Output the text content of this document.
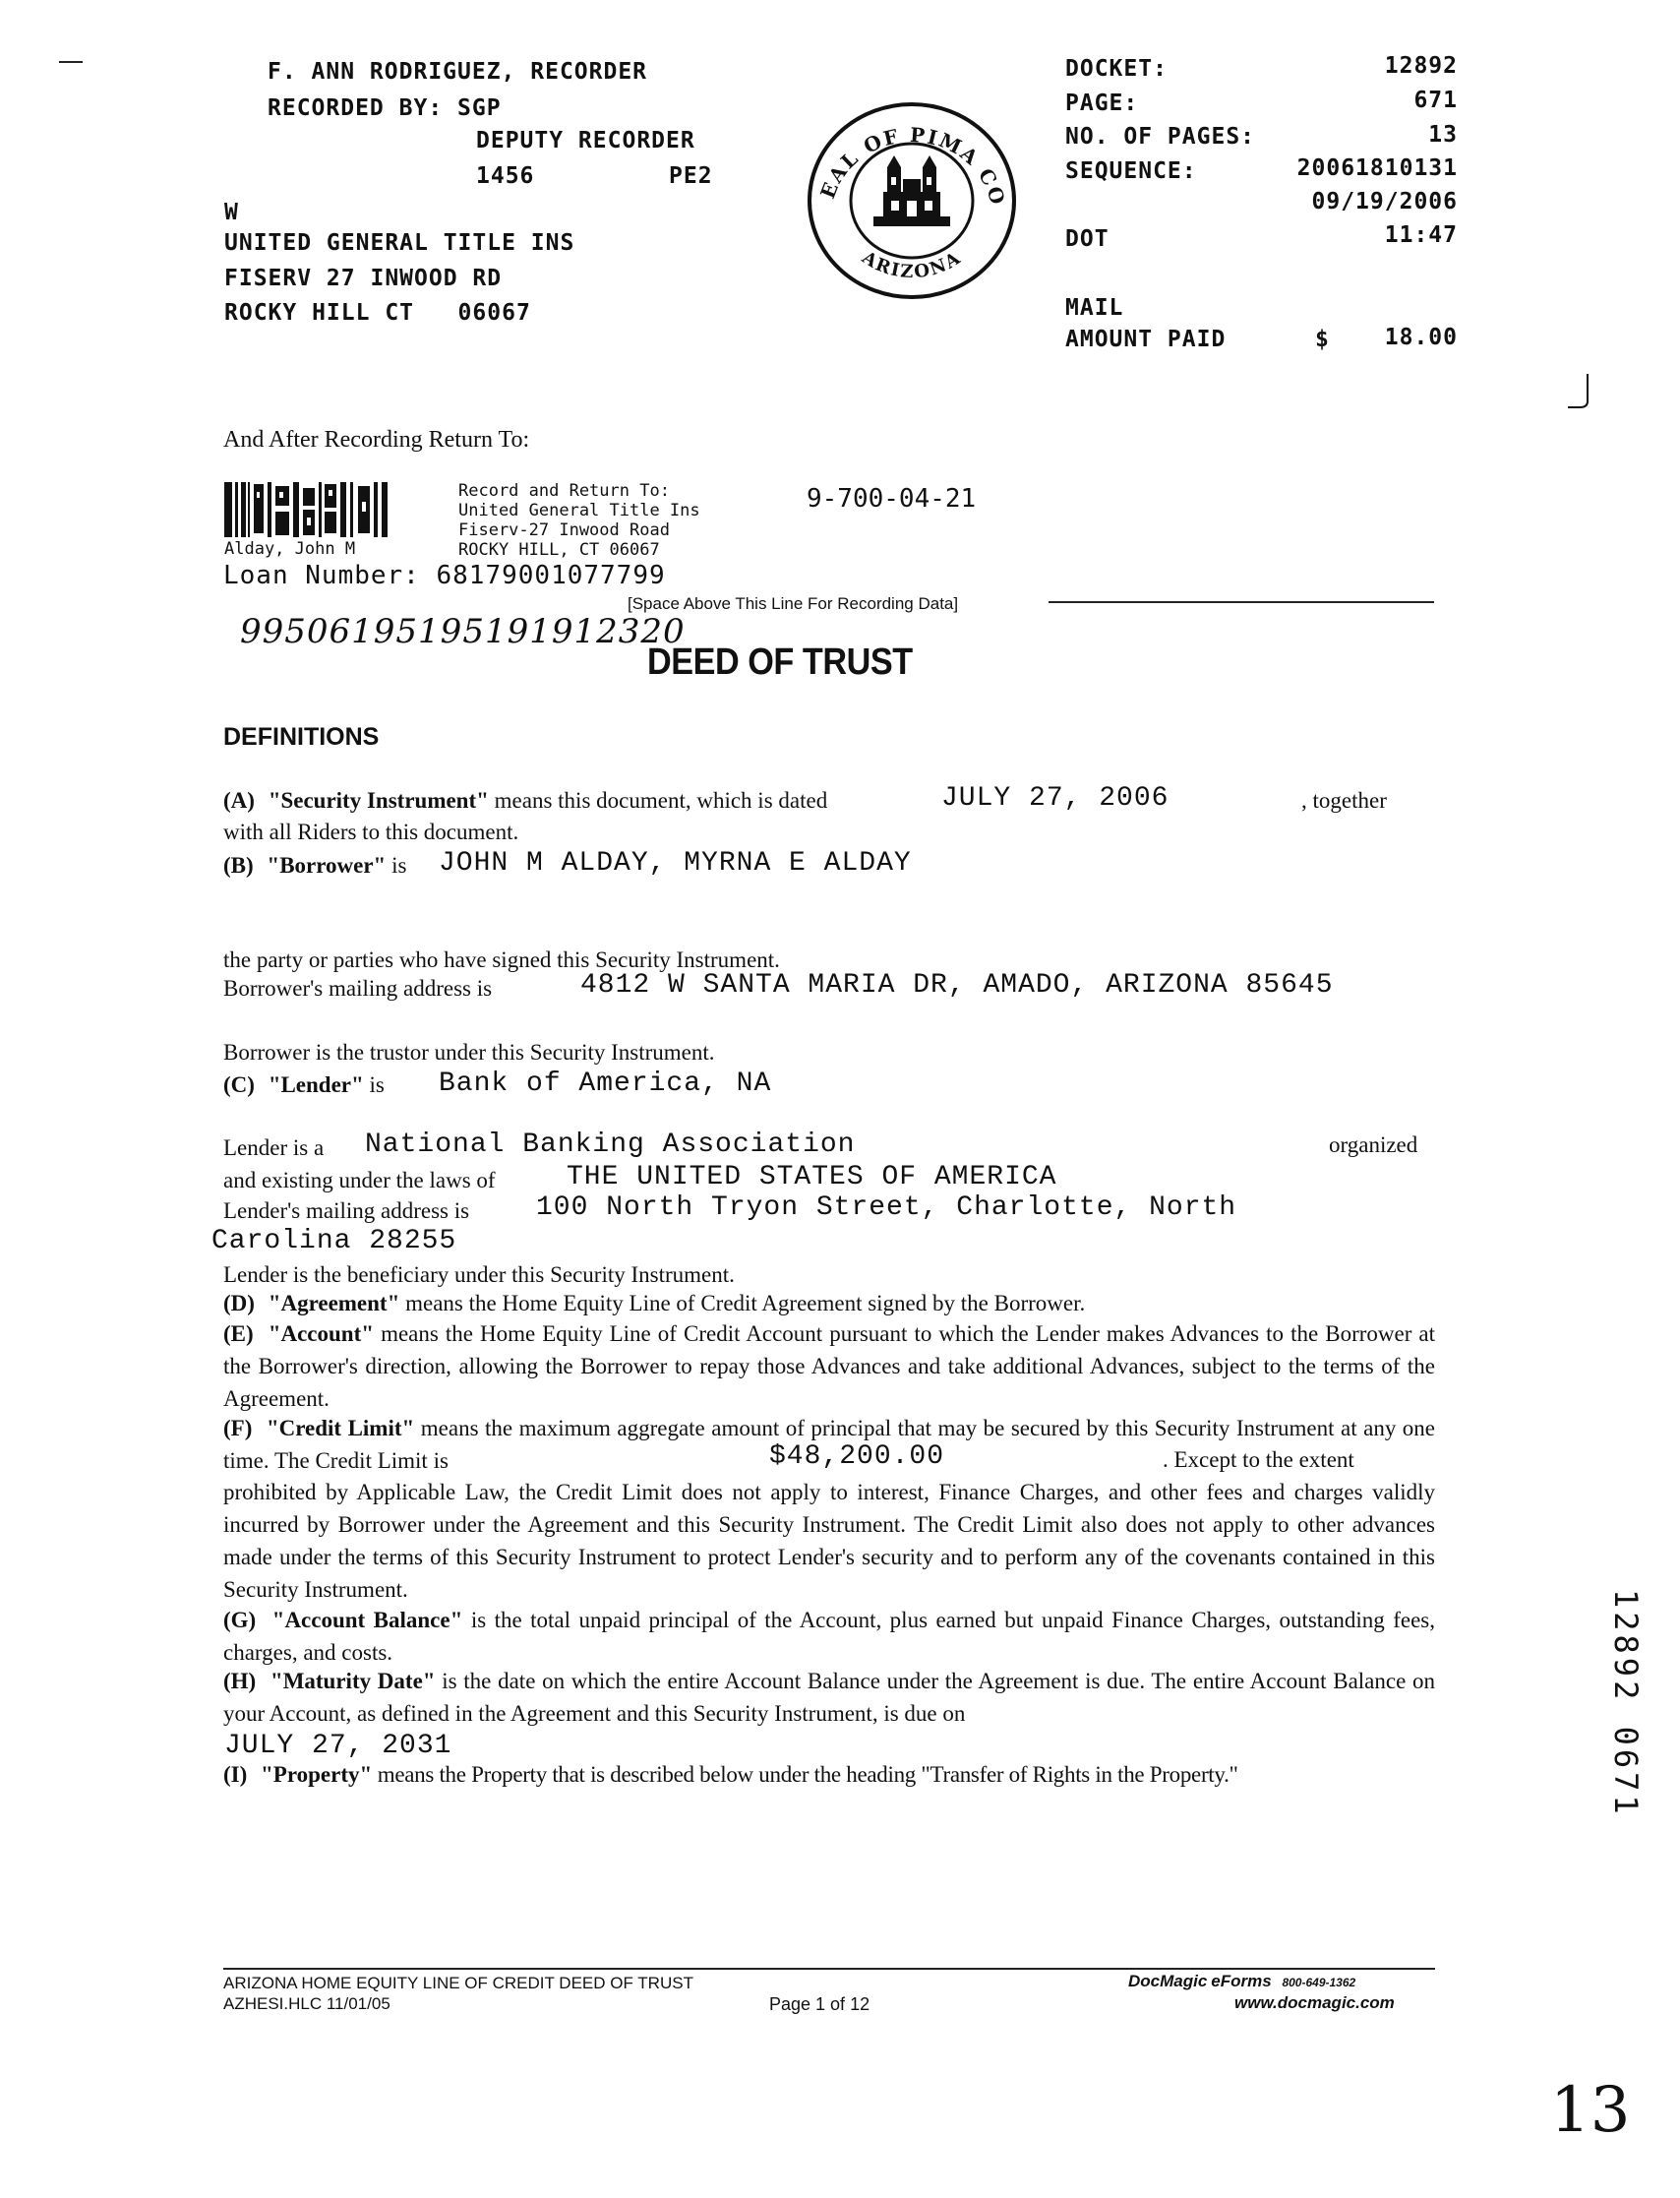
F. ANN RODRIGUEZ, RECORDER
RECORDED BY: SGP
DEPUTY RECORDER
1456	PE2
W
UNITED GENERAL TITLE INS
FISERV 27 INWOOD RD
ROCKY HILL CT   06067
EAL OF PIMA CO
ARIZONA
DOCKET:	12892
PAGE:	671
NO. OF PAGES:	13
SEQUENCE:	20061810131
09/19/2006
DOT	11:47
MAIL
AMOUNT PAID	$ 18.00
And After Recording Return To:
Alday, John M
Record and Return To:
United General Title Ins
Fiserv-27 Inwood Road
ROCKY HILL, CT 06067
9-700-04-21
Loan Number: 68179001077799
[Space Above This Line For Recording Data]
99506195195191912320
DEED OF TRUST
DEFINITIONS
(A) "Security Instrument" means this document, which is dated	JULY 27, 2006	, together
with all Riders to this document.
(B) "Borrower" is JOHN M ALDAY, MYRNA E ALDAY
the party or parties who have signed this Security Instrument.
Borrower's mailing address is	4812 W SANTA MARIA DR, AMADO, ARIZONA 85645
Borrower is the trustor under this Security Instrument.
(C) "Lender" is Bank of America, NA
Lender is a National Banking Association	organized
and existing under the laws of	THE UNITED STATES OF AMERICA
Lender's mailing address is 100 North Tryon Street, Charlotte, North
Carolina 28255
Lender is the beneficiary under this Security Instrument.
(D) "Agreement" means the Home Equity Line of Credit Agreement signed by the Borrower.
(E) "Account" means the Home Equity Line of Credit Account pursuant to which the Lender makes Advances to the Borrower at the Borrower's direction, allowing the Borrower to repay those Advances and take additional Advances, subject to the terms of the Agreement.
(F) "Credit Limit" means the maximum aggregate amount of principal that may be secured by this Security Instrument at any one time. The Credit Limit is	$48,200.00	. Except to the extent
prohibited by Applicable Law, the Credit Limit does not apply to interest, Finance Charges, and other fees and charges validly incurred by Borrower under the Agreement and this Security Instrument. The Credit Limit also does not apply to other advances made under the terms of this Security Instrument to protect Lender's security and to perform any of the covenants contained in this Security Instrument.
(G) "Account Balance" is the total unpaid principal of the Account, plus earned but unpaid Finance Charges, outstanding fees, charges, and costs.
(H) "Maturity Date" is the date on which the entire Account Balance under the Agreement is due. The entire Account Balance on your Account, as defined in the Agreement and this Security Instrument, is due on
JULY 27, 2031
(I) "Property" means the Property that is described below under the heading "Transfer of Rights in the Property."	12892 0671
ARIZONA HOME EQUITY LINE OF CREDIT DEED OF TRUST
AZHESI.HLC 11/01/05	Page 1 of 12
DocMagic eForms 800-649-1362
www.docmagic.com
13
